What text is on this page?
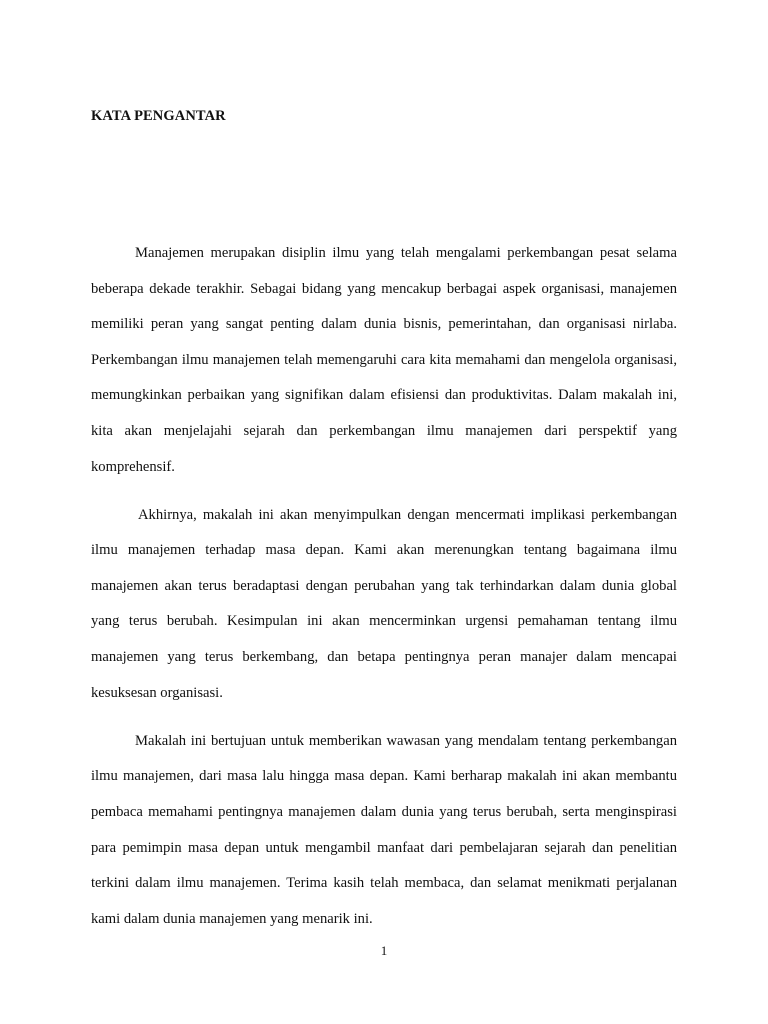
KATA PENGANTAR

Manajemen merupakan disiplin ilmu yang telah mengalami perkembangan pesat selama beberapa dekade terakhir. Sebagai bidang yang mencakup berbagai aspek organisasi, manajemen memiliki peran yang sangat penting dalam dunia bisnis, pemerintahan, dan organisasi nirlaba. Perkembangan ilmu manajemen telah memengaruhi cara kita memahami dan mengelola organisasi, memungkinkan perbaikan yang signifikan dalam efisiensi dan produktivitas. Dalam makalah ini, kita akan menjelajahi sejarah dan perkembangan ilmu manajemen dari perspektif yang komprehensif.

Akhirnya, makalah ini akan menyimpulkan dengan mencermati implikasi perkembangan ilmu manajemen terhadap masa depan. Kami akan merenungkan tentang bagaimana ilmu manajemen akan terus beradaptasi dengan perubahan yang tak terhindarkan dalam dunia global yang terus berubah. Kesimpulan ini akan mencerminkan urgensi pemahaman tentang ilmu manajemen yang terus berkembang, dan betapa pentingnya peran manajer dalam mencapai kesuksesan organisasi.

Makalah ini bertujuan untuk memberikan wawasan yang mendalam tentang perkembangan ilmu manajemen, dari masa lalu hingga masa depan. Kami berharap makalah ini akan membantu pembaca memahami pentingnya manajemen dalam dunia yang terus berubah, serta menginspirasi para pemimpin masa depan untuk mengambil manfaat dari pembelajaran sejarah dan penelitian terkini dalam ilmu manajemen. Terima kasih telah membaca, dan selamat menikmati perjalanan kami dalam dunia manajemen yang menarik ini.

1
